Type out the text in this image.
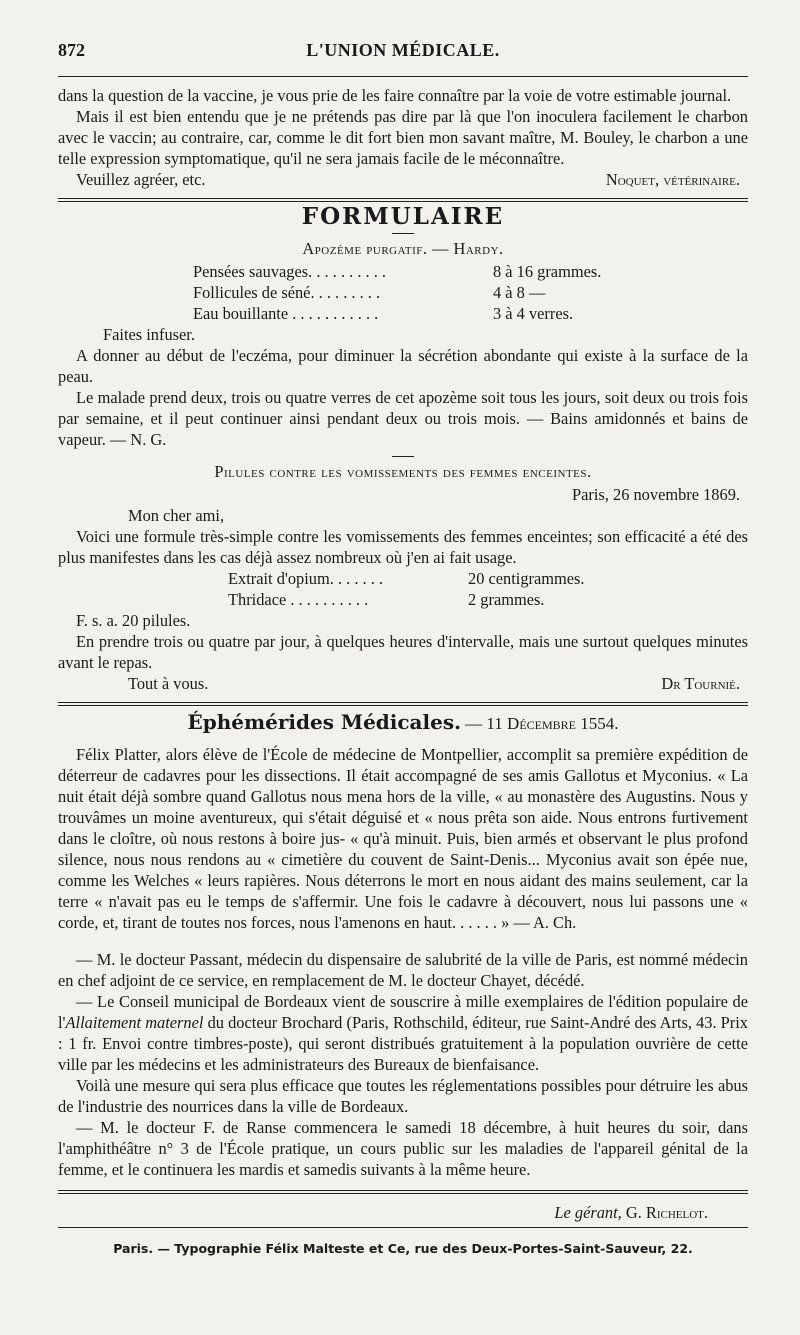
872	L'UNION MÉDICALE.

dans la question de la vaccine, je vous prie de les faire connaître par la voie de votre estimable journal.

Mais il est bien entendu que je ne prétends pas dire par là que l'on inoculera facilement le charbon avec le vaccin; au contraire, car, comme le dit fort bien mon savant maître, M. Bouley, le charbon a une telle expression symptomatique, qu'il ne sera jamais facile de le méconnaître.

Veuillez agréer, etc.	Noquet, vétérinaire.
FORMULAIRE
Apozème purgatif. — Hardy.
Pensées sauvages. . . . . . . . . .	8 à 16 grammes.
Follicules de séné. . . . . . . . .	4 à 8 —
Eau bouillante . . . . . . . . . . .	3 à 4 verres.

Faites infuser.

A donner au début de l'eczéma, pour diminuer la sécrétion abondante qui existe à la surface de la peau.

Le malade prend deux, trois ou quatre verres de cet apozème soit tous les jours, soit deux ou trois fois par semaine, et il peut continuer ainsi pendant deux ou trois mois. — Bains amidonnés et bains de vapeur. — N. G.

Pilules contre les vomissements des femmes enceintes.
Paris, 26 novembre 1869.

Mon cher ami,

Voici une formule très-simple contre les vomissements des femmes enceintes; son efficacité a été des plus manifestes dans les cas déjà assez nombreux où j'en ai fait usage.

Extrait d'opium. . . . . . .	20 centigrammes.
Thridace . . . . . . . . . .	2 grammes.

F. s. a. 20 pilules.

En prendre trois ou quatre par jour, à quelques heures d'intervalle, mais une surtout quelques minutes avant le repas.

Tout à vous.	Dr Tournié.
Éphémérides Médicales. — 11 Décembre 1554.

Félix Platter, alors élève de l'École de médecine de Montpellier, accomplit sa première expédition de déterreur de cadavres pour les dissections. Il était accompagné de ses amis Gallotus et Myconius. « La nuit était déjà sombre quand Gallotus nous mena hors de la ville, « au monastère des Augustins. Nous y trouvâmes un moine aventureux, qui s'était déguisé et « nous prêta son aide. Nous entrons furtivement dans le cloître, où nous restons à boire jus- « qu'à minuit. Puis, bien armés et observant le plus profond silence, nous nous rendons au « cimetière du couvent de Saint-Denis... Myconius avait son épée nue, comme les Welches « leurs rapières. Nous déterrons le mort en nous aidant des mains seulement, car la terre « n'avait pas eu le temps de s'affermir. Une fois le cadavre à découvert, nous lui passons une « corde, et, tirant de toutes nos forces, nous l'amenons en haut. . . . . . » — A. Ch.

— M. le docteur Passant, médecin du dispensaire de salubrité de la ville de Paris, est nommé médecin en chef adjoint de ce service, en remplacement de M. le docteur Chayet, décédé.

— Le Conseil municipal de Bordeaux vient de souscrire à mille exemplaires de l'édition populaire de l'Allaitement maternel du docteur Brochard (Paris, Rothschild, éditeur, rue Saint-André des Arts, 43. Prix : 1 fr. Envoi contre timbres-poste), qui seront distribués gratuitement à la population ouvrière de cette ville par les médecins et les administrateurs des Bureaux de bienfaisance.

Voilà une mesure qui sera plus efficace que toutes les réglementations possibles pour détruire les abus de l'industrie des nourrices dans la ville de Bordeaux.

— M. le docteur F. de Ranse commencera le samedi 18 décembre, à huit heures du soir, dans l'amphithéâtre n° 3 de l'École pratique, un cours public sur les maladies de l'appareil génital de la femme, et le continuera les mardis et samedis suivants à la même heure.

Le gérant, G. Richelot.
Paris. — Typographie Félix Malteste et Ce, rue des Deux-Portes-Saint-Sauveur, 22.
